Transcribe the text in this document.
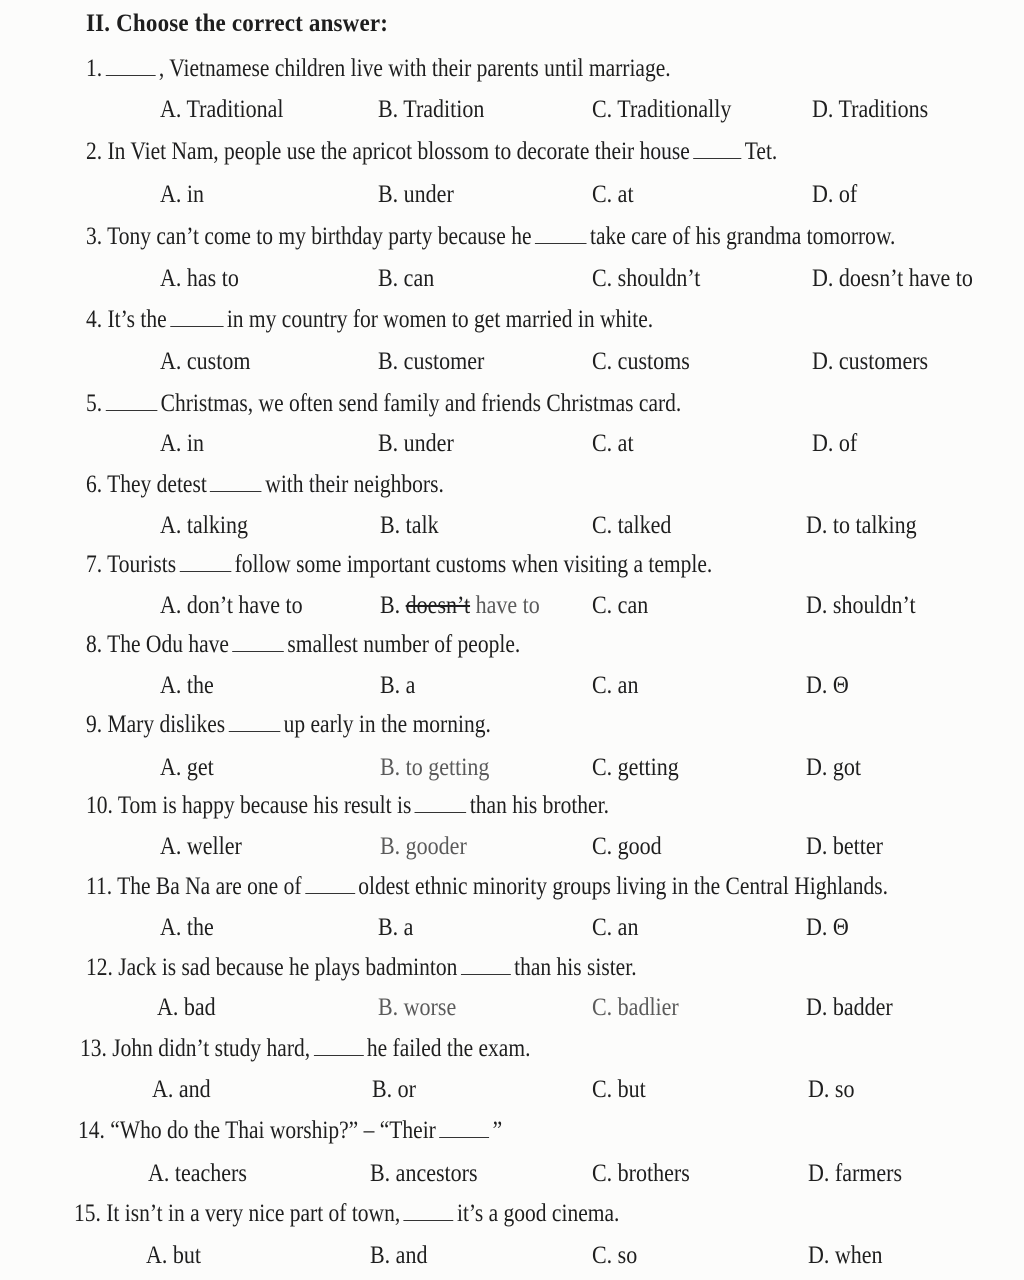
II. Choose the correct answer:
1. , Vietnamese children live with their parents until marriage.
A. Traditional	B. Tradition	C. Traditionally	D. Traditions
2. In Viet Nam, people use the apricot blossom to decorate their house Tet.
A. in	B. under	C. at	D. of
3. Tony can’t come to my birthday party because he take care of his grandma tomorrow.
A. has to	B. can	C. shouldn’t	D. doesn’t have to
4. It’s the in my country for women to get married in white.
A. custom	B. customer	C. customs	D. customers
5. Christmas, we often send family and friends Christmas card.
A. in	B. under	C. at	D. of
6. They detest with their neighbors.
A. talking	B. talk	C. talked	D. to talking
7. Tourists follow some important customs when visiting a temple.
A. don’t have to	B. doesn’t have to C. can	D. shouldn’t
8. The Odu have smallest number of people.
A. the	B. a	C. an	D. Θ
9. Mary dislikes up early in the morning.
A. get	B. to getting	C. getting	D. got
10. Tom is happy because his result is than his brother.
A. weller	B. gooder	C. good	D. better
11. The Ba Na are one of oldest ethnic minority groups living in the Central Highlands.
A. the	B. a	C. an	D. Θ
12. Jack is sad because he plays badminton than his sister.
A. bad	B. worse	C. badlier	D. badder
13. John didn’t study hard, he failed the exam.
A. and	B. or	C. but	D. so
14. “Who do the Thai worship?” – “Their ”
A. teachers	B. ancestors	C. brothers	D. farmers
15. It isn’t in a very nice part of town, it’s a good cinema.
A. but	B. and	C. so	D. when
